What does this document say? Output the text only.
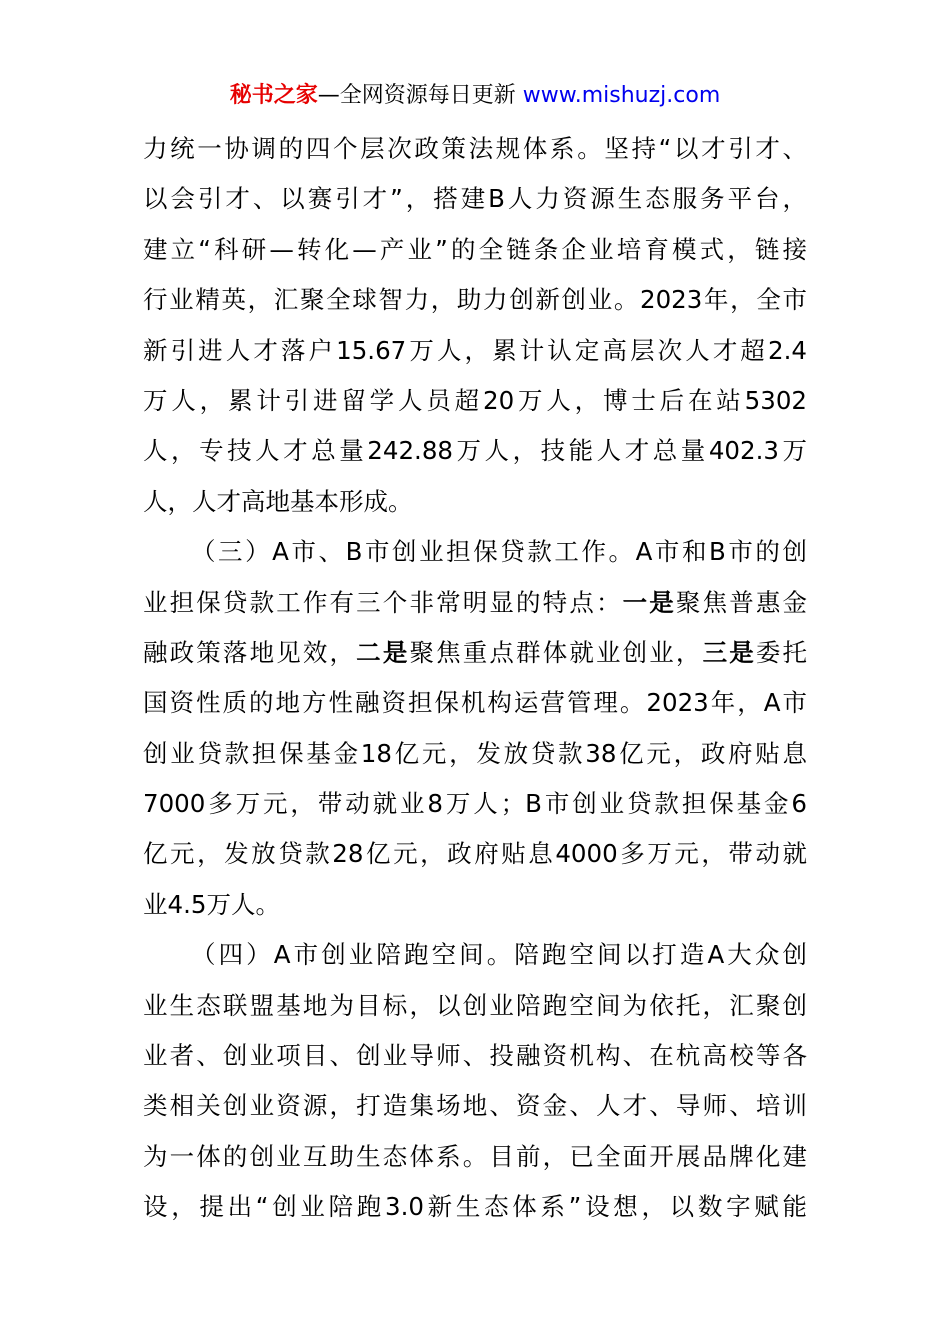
秘书之家—全网资源每日更新 www.mishuzj.com
力统一协调的四个层次政策法规体系。坚持“以才引才、
以会引才、以赛引才”，搭建B人力资源生态服务平台，
建立“科研—转化—产业”的全链条企业培育模式，链接
行业精英，汇聚全球智力，助力创新创业。2023年，全市
新引进人才落户15.67万人，累计认定高层次人才超2.4
万人，累计引进留学人员超20万人，博士后在站5302
人，专技人才总量242.88万人，技能人才总量402.3万
人，人才高地基本形成。
（三）A市、B市创业担保贷款工作。A市和B市的创
业担保贷款工作有三个非常明显的特点：一是聚焦普惠金
融政策落地见效，二是聚焦重点群体就业创业，三是委托
国资性质的地方性融资担保机构运营管理。2023年，A市
创业贷款担保基金18亿元，发放贷款38亿元，政府贴息
7000多万元，带动就业8万人；B市创业贷款担保基金6
亿元，发放贷款28亿元，政府贴息4000多万元，带动就
业4.5万人。
（四）A市创业陪跑空间。陪跑空间以打造A大众创
业生态联盟基地为目标，以创业陪跑空间为依托，汇聚创
业者、创业项目、创业导师、投融资机构、在杭高校等各
类相关创业资源，打造集场地、资金、人才、导师、培训
为一体的创业互助生态体系。目前，已全面开展品牌化建
设，提出“创业陪跑3.0新生态体系”设想，以数字赋能
